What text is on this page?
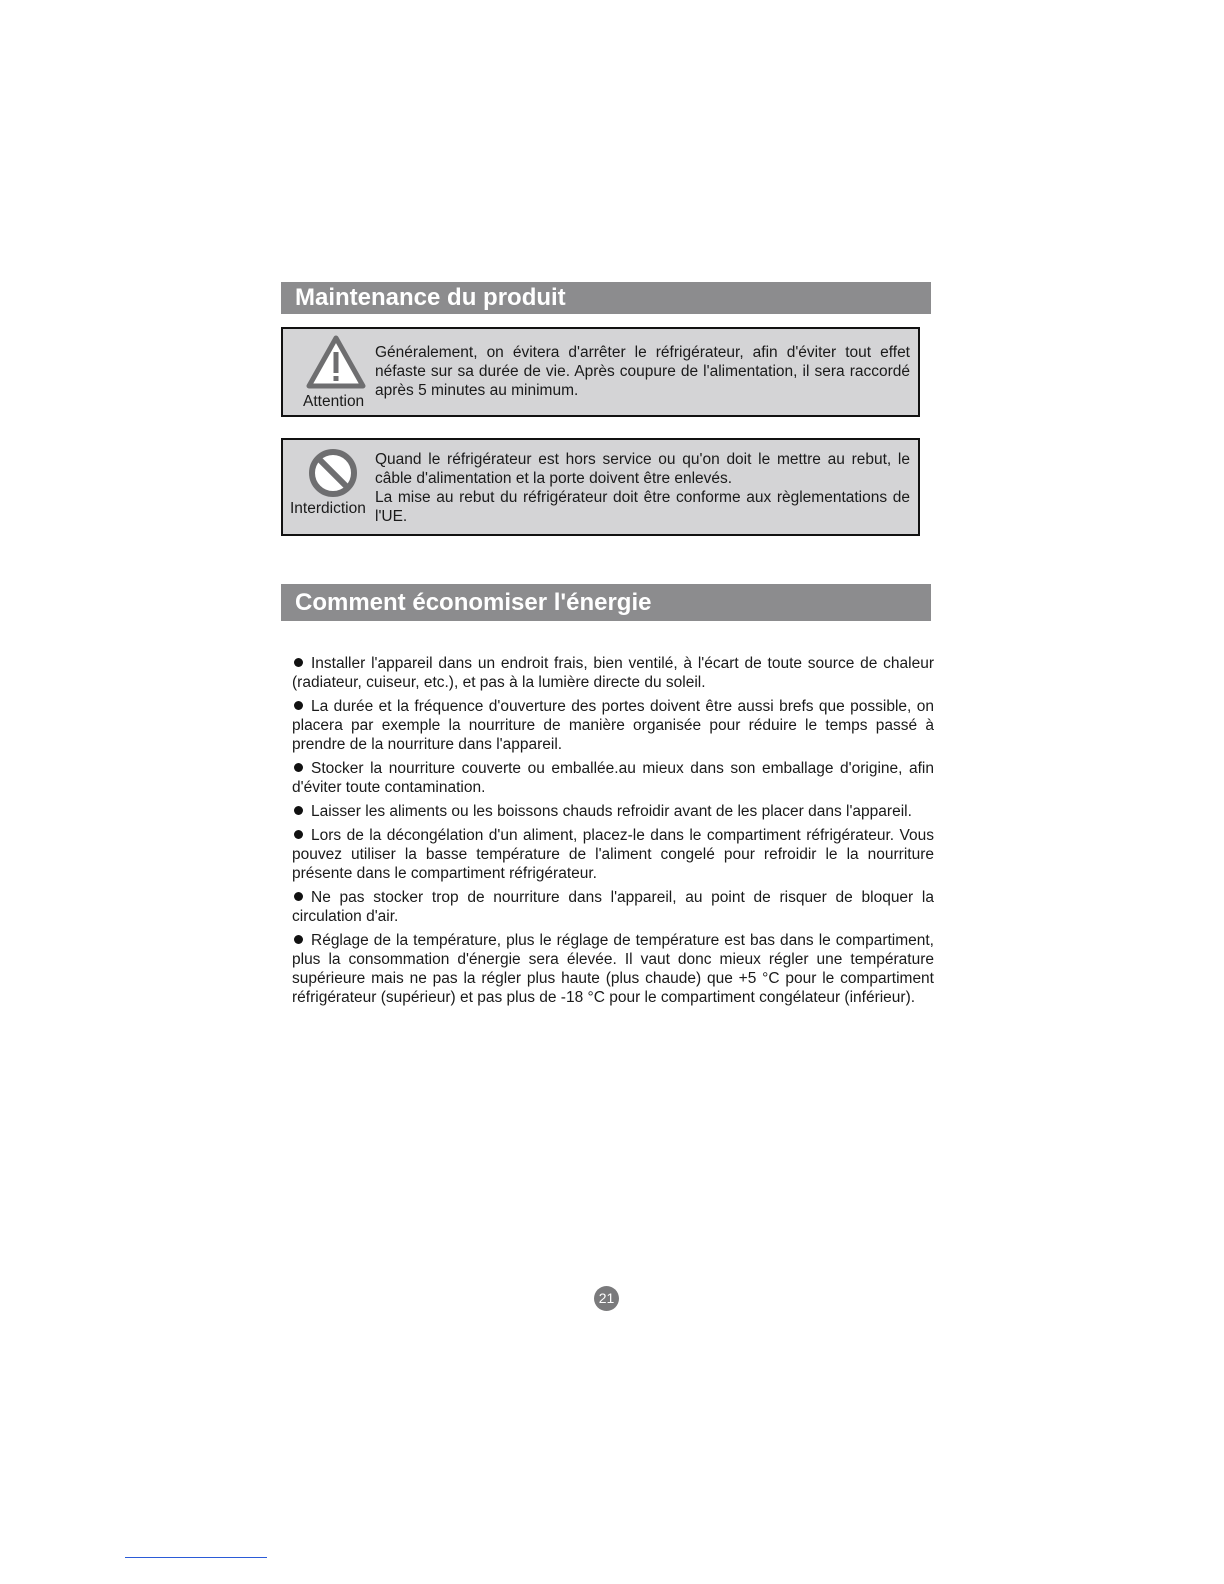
Maintenance du produit
Attention

Généralement, on évitera d'arrêter le réfrigérateur, afin d'éviter tout effet néfaste sur sa durée de vie. Après coupure de l'alimentation, il sera raccordé après 5 minutes au minimum.

Interdiction

Quand le réfrigérateur est hors service ou qu'on doit le mettre au rebut, le câble d'alimentation et la porte doivent être enlevés.

La mise au rebut du réfrigérateur doit être conforme aux règlementations de l'UE.

Comment économiser l'énergie
Installer l'appareil dans un endroit frais, bien ventilé, à l'écart de toute source de chaleur (radiateur, cuiseur, etc.), et pas à la lumière directe du soleil.
La durée et la fréquence d'ouverture des portes doivent être aussi brefs que possible, on placera par exemple la nourriture de manière organisée pour réduire le temps passé à prendre de la nourriture dans l'appareil.
Stocker la nourriture couverte ou emballée.au mieux dans son emballage d'origine, afin d'éviter toute contamination.
Laisser les aliments ou les boissons chauds refroidir avant de les placer dans l'appareil.
Lors de la décongélation d'un aliment, placez-le dans le compartiment réfrigérateur. Vous pouvez utiliser la basse température de l'aliment congelé pour refroidir le la nourriture présente dans le compartiment réfrigérateur.
Ne pas stocker trop de nourriture dans l'appareil, au point de risquer de bloquer la circulation d'air.
Réglage de la température, plus le réglage de température est bas dans le compartiment, plus la consommation d'énergie sera élevée. Il vaut donc mieux régler une température supérieure mais ne pas la régler plus haute (plus chaude) que +5 °C pour le compartiment réfrigérateur (supérieur) et pas plus de -18 °C pour le compartiment congélateur (inférieur).
21
